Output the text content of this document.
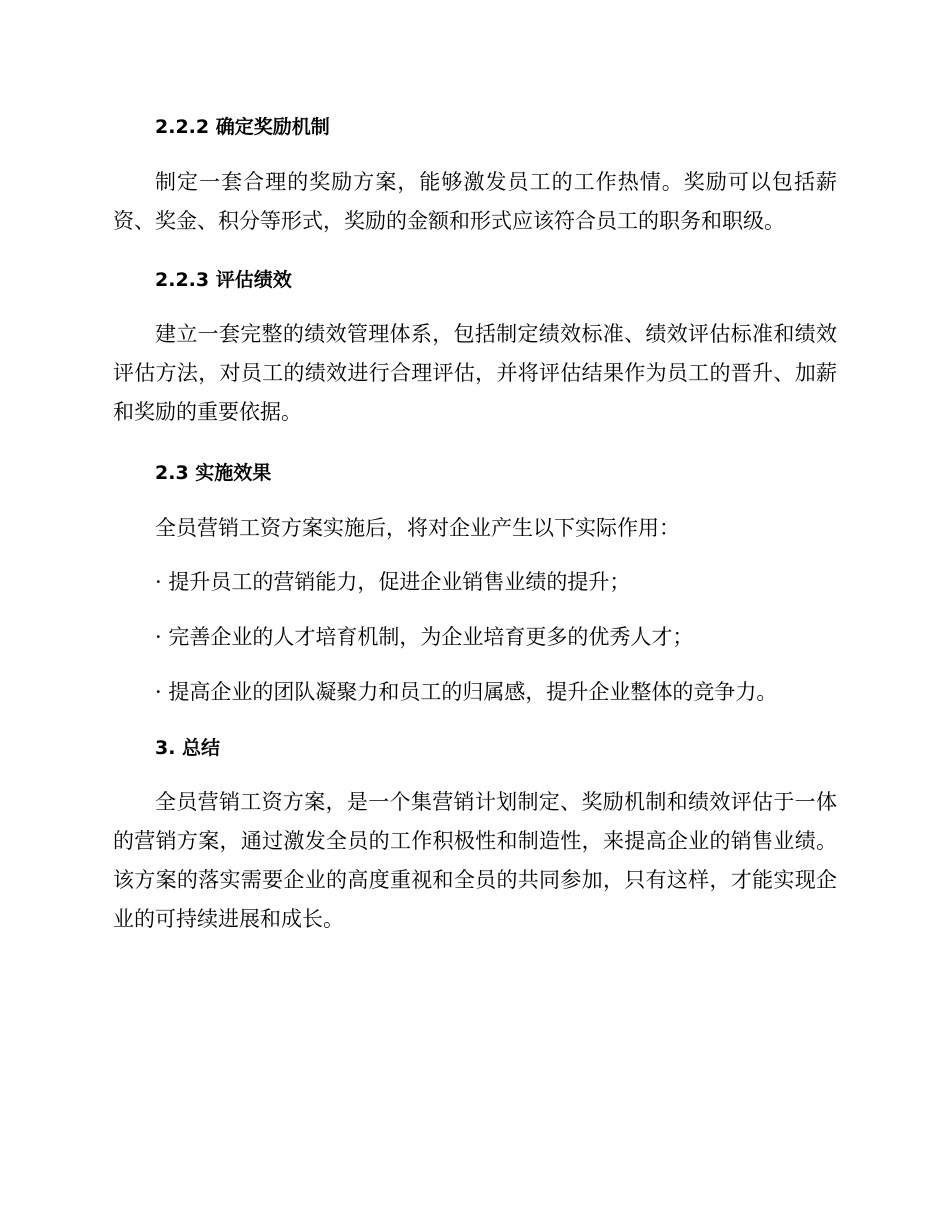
2.2.2 确定奖励机制
制定一套合理的奖励方案，能够激发员工的工作热情。奖励可以包括薪资、奖金、积分等形式，奖励的金额和形式应该符合员工的职务和职级。
2.2.3 评估绩效
建立一套完整的绩效管理体系，包括制定绩效标准、绩效评估标准和绩效评估方法，对员工的绩效进行合理评估，并将评估结果作为员工的晋升、加薪和奖励的重要依据。
2.3 实施效果
全员营销工资方案实施后，将对企业产生以下实际作用：
· 提升员工的营销能力，促进企业销售业绩的提升；
· 完善企业的人才培育机制，为企业培育更多的优秀人才；
· 提高企业的团队凝聚力和员工的归属感，提升企业整体的竞争力。
3. 总结
全员营销工资方案，是一个集营销计划制定、奖励机制和绩效评估于一体的营销方案，通过激发全员的工作积极性和制造性，来提高企业的销售业绩。该方案的落实需要企业的高度重视和全员的共同参加，只有这样，才能实现企业的可持续进展和成长。
